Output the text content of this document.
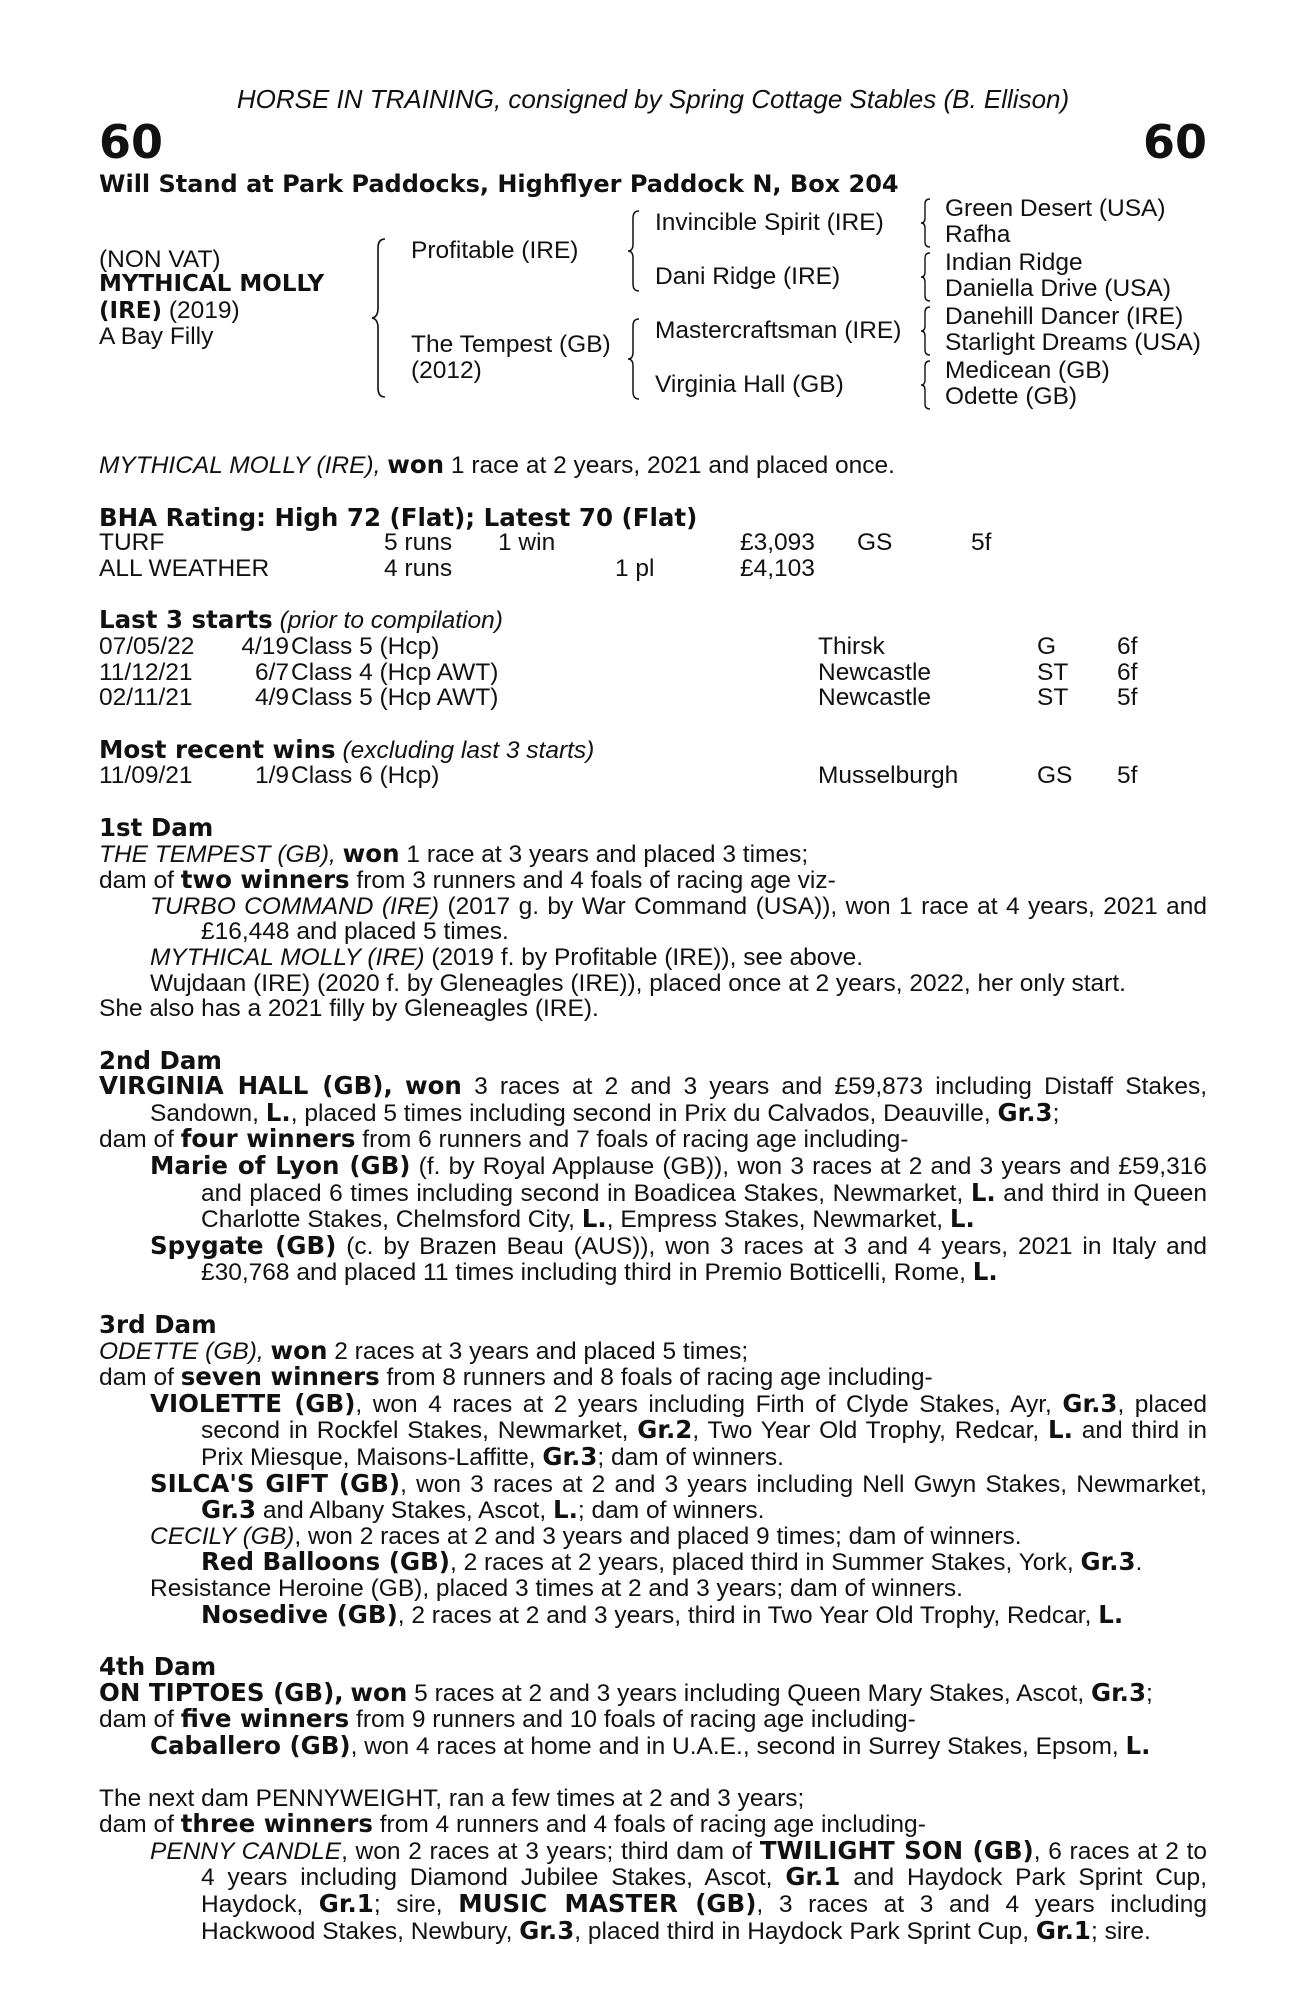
HORSE IN TRAINING, consigned by Spring Cottage Stables (B. Ellison)
60	60
Will Stand at Park Paddocks, Highflyer Paddock N, Box 204
(NON VAT)
MYTHICAL MOLLY
(IRE) (2019)
A Bay Filly
Profitable (IRE)
The Tempest (GB)
(2012)
Invincible Spirit (IRE)
Dani Ridge (IRE)
Mastercraftsman (IRE)
Virginia Hall (GB)
Green Desert (USA)
Rafha
Indian Ridge
Daniella Drive (USA)
Danehill Dancer (IRE)
Starlight Dreams (USA)
Medicean (GB)
Odette (GB)
MYTHICAL MOLLY (IRE), won 1 race at 2 years, 2021 and placed once.
BHA Rating: High 72 (Flat); Latest 70 (Flat)
TURF	5 runs 1 win	£3,093 GS	5f
ALL WEATHER	4 runs	1 pl	£4,103
Last 3 starts (prior to compilation)
07/05/22	4/19 Class 5 (Hcp)	Thirsk	G 6f
11/12/21	6/7 Class 4 (Hcp AWT)	Newcastle	ST 6f
02/11/21	4/9 Class 5 (Hcp AWT)	Newcastle	ST 5f
Most recent wins (excluding last 3 starts)
11/09/21	1/9 Class 6 (Hcp)	Musselburgh	GS 5f
1st Dam
THE TEMPEST (GB), won 1 race at 3 years and placed 3 times;
dam of two winners from 3 runners and 4 foals of racing age viz-
TURBO COMMAND (IRE) (2017 g. by War Command (USA)), won 1 race at 4 years, 2021 and £16,448 and placed 5 times.
MYTHICAL MOLLY (IRE) (2019 f. by Profitable (IRE)), see above.
Wujdaan (IRE) (2020 f. by Gleneagles (IRE)), placed once at 2 years, 2022, her only start.
She also has a 2021 filly by Gleneagles (IRE).
2nd Dam
VIRGINIA HALL (GB), won 3 races at 2 and 3 years and £59,873 including Distaff Stakes, Sandown, L., placed 5 times including second in Prix du Calvados, Deauville, Gr.3;
dam of four winners from 6 runners and 7 foals of racing age including-
Marie of Lyon (GB) (f. by Royal Applause (GB)), won 3 races at 2 and 3 years and £59,316 and placed 6 times including second in Boadicea Stakes, Newmarket, L. and third in Queen Charlotte Stakes, Chelmsford City, L., Empress Stakes, Newmarket, L.
Spygate (GB) (c. by Brazen Beau (AUS)), won 3 races at 3 and 4 years, 2021 in Italy and £30,768 and placed 11 times including third in Premio Botticelli, Rome, L.
3rd Dam
ODETTE (GB), won 2 races at 3 years and placed 5 times;
dam of seven winners from 8 runners and 8 foals of racing age including-
VIOLETTE (GB), won 4 races at 2 years including Firth of Clyde Stakes, Ayr, Gr.3, placed second in Rockfel Stakes, Newmarket, Gr.2, Two Year Old Trophy, Redcar, L. and third in Prix Miesque, Maisons-Laffitte, Gr.3; dam of winners.
SILCA'S GIFT (GB), won 3 races at 2 and 3 years including Nell Gwyn Stakes, Newmarket, Gr.3 and Albany Stakes, Ascot, L.; dam of winners.
CECILY (GB), won 2 races at 2 and 3 years and placed 9 times; dam of winners.
Red Balloons (GB), 2 races at 2 years, placed third in Summer Stakes, York, Gr.3.
Resistance Heroine (GB), placed 3 times at 2 and 3 years; dam of winners.
Nosedive (GB), 2 races at 2 and 3 years, third in Two Year Old Trophy, Redcar, L.
4th Dam
ON TIPTOES (GB), won 5 races at 2 and 3 years including Queen Mary Stakes, Ascot, Gr.3;
dam of five winners from 9 runners and 10 foals of racing age including-
Caballero (GB), won 4 races at home and in U.A.E., second in Surrey Stakes, Epsom, L.
The next dam PENNYWEIGHT, ran a few times at 2 and 3 years;
dam of three winners from 4 runners and 4 foals of racing age including-
PENNY CANDLE, won 2 races at 3 years; third dam of TWILIGHT SON (GB), 6 races at 2 to 4 years including Diamond Jubilee Stakes, Ascot, Gr.1 and Haydock Park Sprint Cup, Haydock, Gr.1; sire, MUSIC MASTER (GB), 3 races at 3 and 4 years including Hackwood Stakes, Newbury, Gr.3, placed third in Haydock Park Sprint Cup, Gr.1; sire.
